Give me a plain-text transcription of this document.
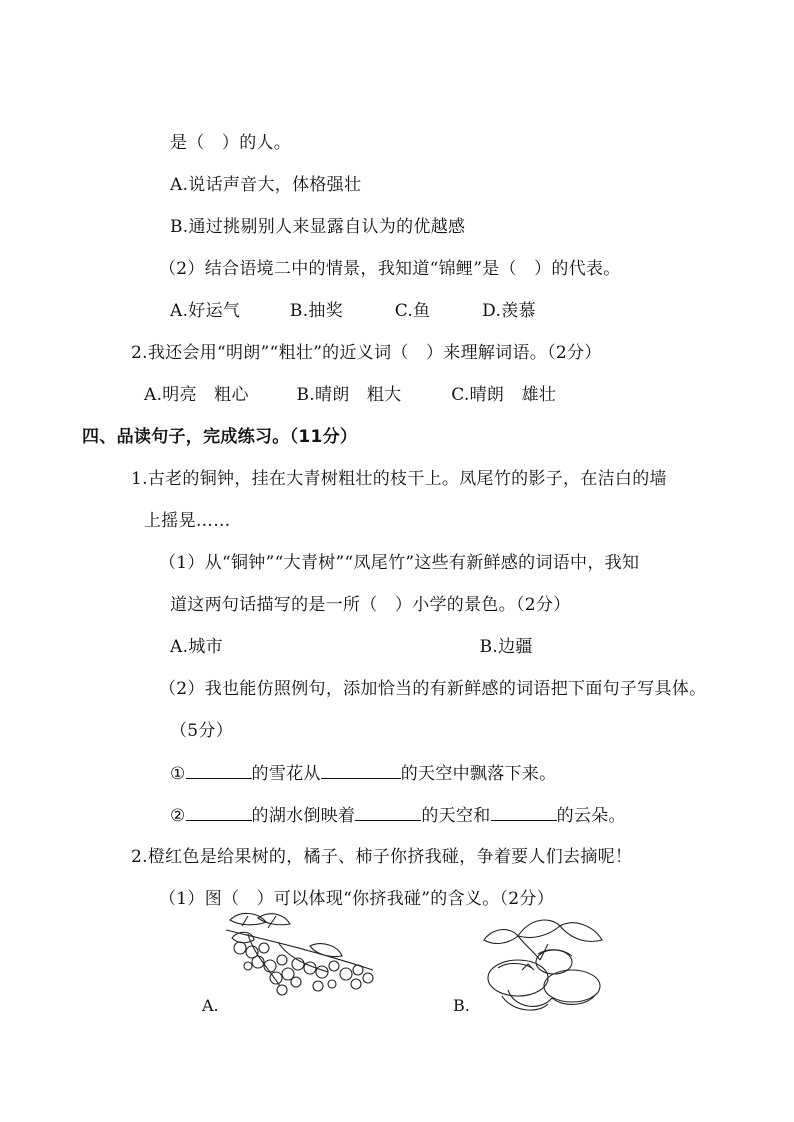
是（　）的人。
A.说话声音大，体格强壮
B.通过挑剔别人来显露自认为的优越感
（2）结合语境二中的情景，我知道“锦鲤”是（　）的代表。
A.好运气	B.抽奖	C.鱼	D.羡慕
2.我还会用“明朗”“粗壮”的近义词（　）来理解词语。（2分）
A.明亮　粗心	B.晴朗　粗大	C.晴朗　雄壮
四、品读句子，完成练习。（11分）
1.古老的铜钟，挂在大青树粗壮的枝干上。凤尾竹的影子，在洁白的墙
上摇晃……
（1）从“铜钟”“大青树”“凤尾竹”这些有新鲜感的词语中，我知
道这两句话描写的是一所（　）小学的景色。（2分）
A.城市	B.边疆
（2）我也能仿照例句，添加恰当的有新鲜感的词语把下面句子写具体。
（5分）
①	的雪花从	的天空中飘落下来。
②	的湖水倒映着	的天空和	的云朵。
2.橙红色是给果树的，橘子、柿子你挤我碰，争着要人们去摘呢！
（1）图（　）可以体现“你挤我碰”的含义。（2分）
A.	B.
